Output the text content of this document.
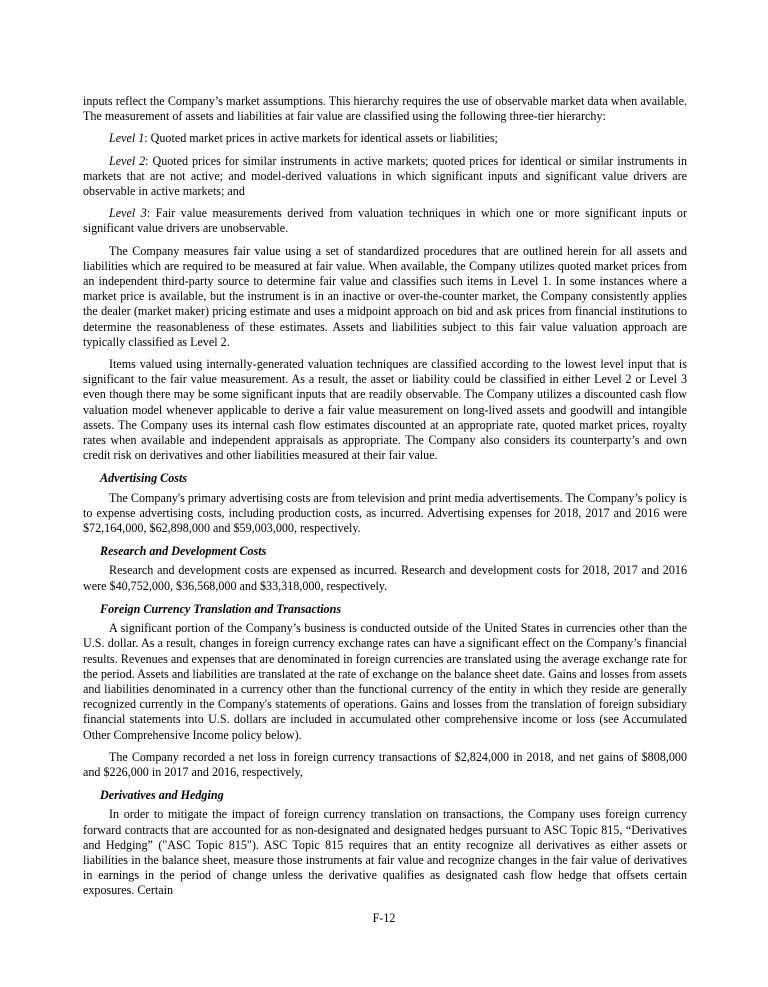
inputs reflect the Company’s market assumptions. This hierarchy requires the use of observable market data when available. The measurement of assets and liabilities at fair value are classified using the following three-tier hierarchy:

Level 1: Quoted market prices in active markets for identical assets or liabilities;

Level 2: Quoted prices for similar instruments in active markets; quoted prices for identical or similar instruments in markets that are not active; and model-derived valuations in which significant inputs and significant value drivers are observable in active markets; and

Level 3: Fair value measurements derived from valuation techniques in which one or more significant inputs or significant value drivers are unobservable.

The Company measures fair value using a set of standardized procedures that are outlined herein for all assets and liabilities which are required to be measured at fair value. When available, the Company utilizes quoted market prices from an independent third-party source to determine fair value and classifies such items in Level 1. In some instances where a market price is available, but the instrument is in an inactive or over-the-counter market, the Company consistently applies the dealer (market maker) pricing estimate and uses a midpoint approach on bid and ask prices from financial institutions to determine the reasonableness of these estimates. Assets and liabilities subject to this fair value valuation approach are typically classified as Level 2.

Items valued using internally-generated valuation techniques are classified according to the lowest level input that is significant to the fair value measurement. As a result, the asset or liability could be classified in either Level 2 or Level 3 even though there may be some significant inputs that are readily observable. The Company utilizes a discounted cash flow valuation model whenever applicable to derive a fair value measurement on long-lived assets and goodwill and intangible assets. The Company uses its internal cash flow estimates discounted at an appropriate rate, quoted market prices, royalty rates when available and independent appraisals as appropriate. The Company also considers its counterparty’s and own credit risk on derivatives and other liabilities measured at their fair value.

Advertising Costs

The Company's primary advertising costs are from television and print media advertisements. The Company’s policy is to expense advertising costs, including production costs, as incurred. Advertising expenses for 2018, 2017 and 2016 were $72,164,000, $62,898,000 and $59,003,000, respectively.

Research and Development Costs

Research and development costs are expensed as incurred. Research and development costs for 2018, 2017 and 2016 were $40,752,000, $36,568,000 and $33,318,000, respectively.

Foreign Currency Translation and Transactions

A significant portion of the Company’s business is conducted outside of the United States in currencies other than the U.S. dollar. As a result, changes in foreign currency exchange rates can have a significant effect on the Company’s financial results. Revenues and expenses that are denominated in foreign currencies are translated using the average exchange rate for the period. Assets and liabilities are translated at the rate of exchange on the balance sheet date. Gains and losses from assets and liabilities denominated in a currency other than the functional currency of the entity in which they reside are generally recognized currently in the Company's statements of operations. Gains and losses from the translation of foreign subsidiary financial statements into U.S. dollars are included in accumulated other comprehensive income or loss (see Accumulated Other Comprehensive Income policy below).

The Company recorded a net loss in foreign currency transactions of $2,824,000 in 2018, and net gains of $808,000 and $226,000 in 2017 and 2016, respectively,

Derivatives and Hedging

In order to mitigate the impact of foreign currency translation on transactions, the Company uses foreign currency forward contracts that are accounted for as non-designated and designated hedges pursuant to ASC Topic 815, “Derivatives and Hedging” ("ASC Topic 815"). ASC Topic 815 requires that an entity recognize all derivatives as either assets or liabilities in the balance sheet, measure those instruments at fair value and recognize changes in the fair value of derivatives in earnings in the period of change unless the derivative qualifies as designated cash flow hedge that offsets certain exposures. Certain

F-12
